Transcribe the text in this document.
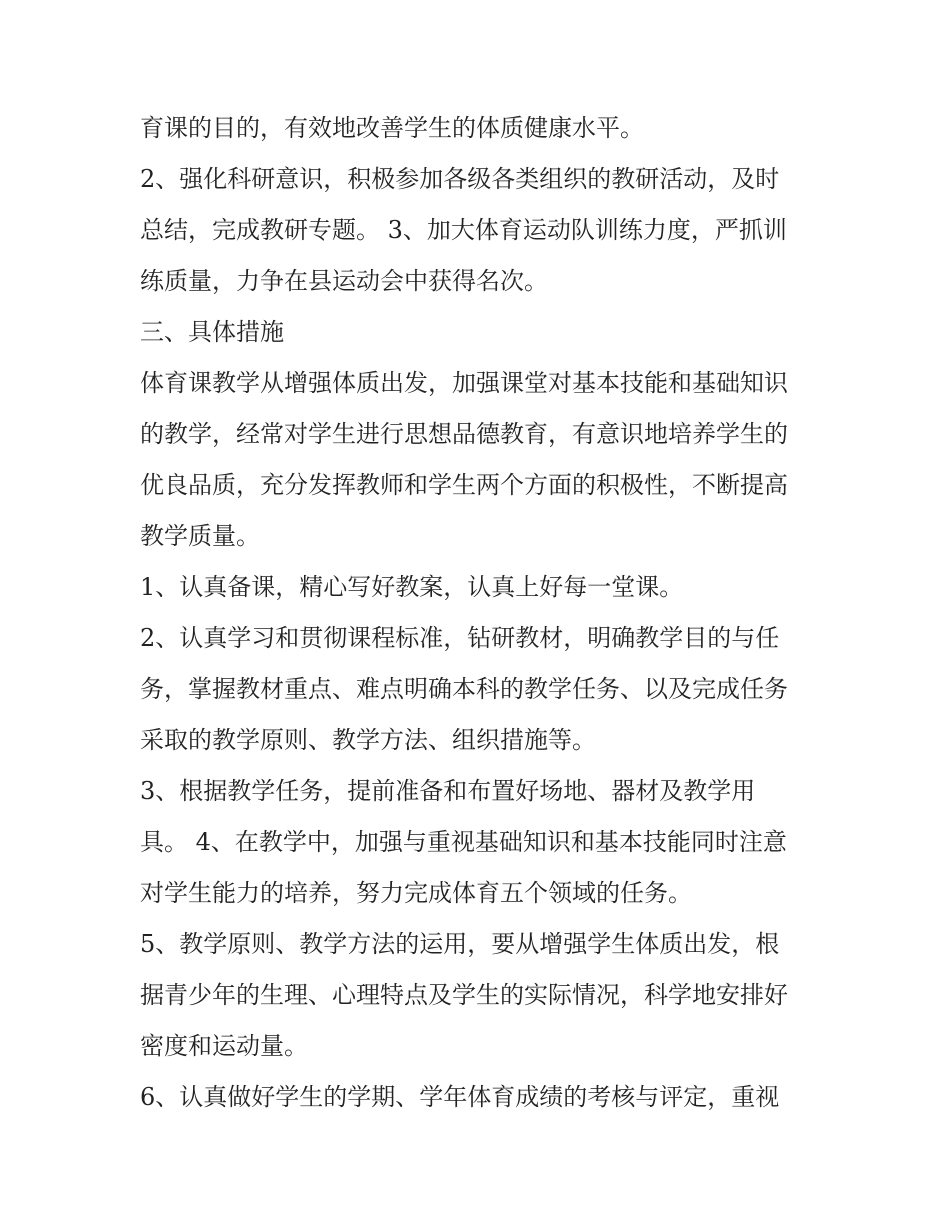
育课的目的，有效地改善学生的体质健康水平。
2、强化科研意识，积极参加各级各类组织的教研活动，及时
总结，完成教研专题。 3、加大体育运动队训练力度，严抓训
练质量，力争在县运动会中获得名次。
三、具体措施
体育课教学从增强体质出发，加强课堂对基本技能和基础知识
的教学，经常对学生进行思想品德教育，有意识地培养学生的
优良品质，充分发挥教师和学生两个方面的积极性，不断提高
教学质量。
1、认真备课，精心写好教案，认真上好每一堂课。
2、认真学习和贯彻课程标准，钻研教材，明确教学目的与任
务，掌握教材重点、难点明确本科的教学任务、以及完成任务
采取的教学原则、教学方法、组织措施等。
3、根据教学任务，提前准备和布置好场地、器材及教学用
具。 4、在教学中，加强与重视基础知识和基本技能同时注意
对学生能力的培养，努力完成体育五个领域的任务。
5、教学原则、教学方法的运用，要从增强学生体质出发，根
据青少年的生理、心理特点及学生的实际情况，科学地安排好
密度和运动量。
6、认真做好学生的学期、学年体育成绩的考核与评定，重视
